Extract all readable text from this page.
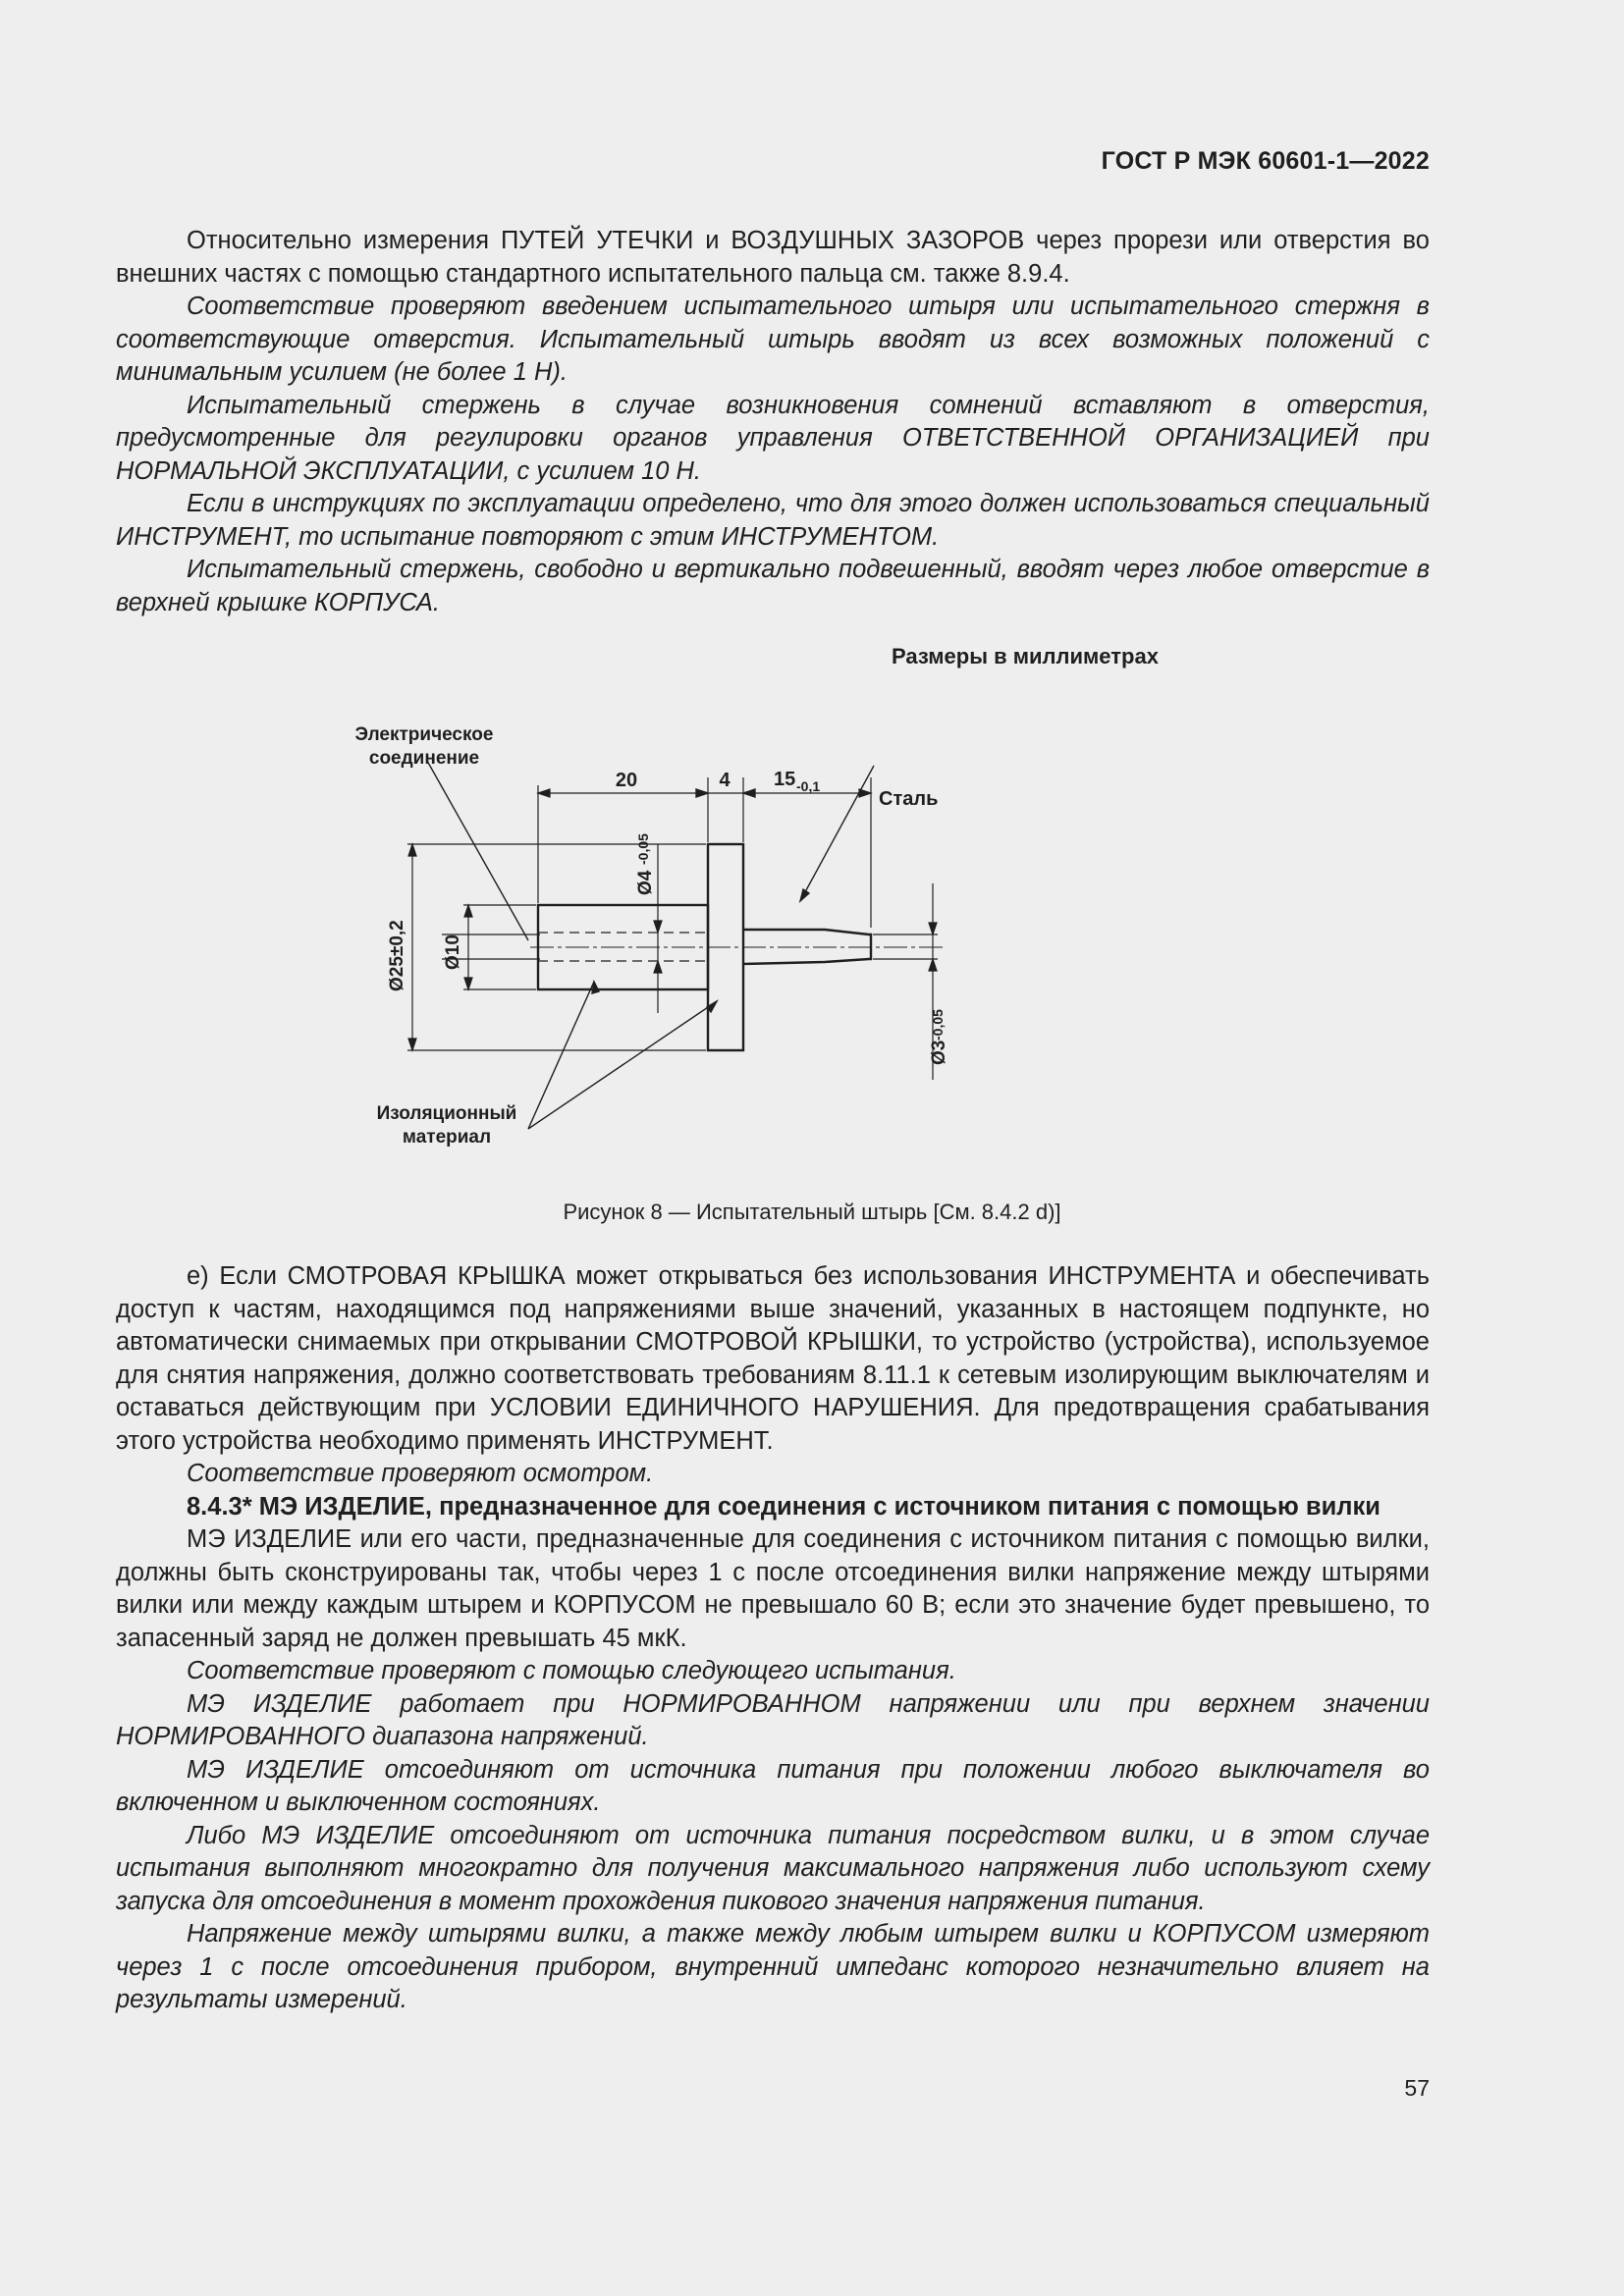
ГОСТ Р МЭК 60601-1—2022

Относительно измерения ПУТЕЙ УТЕЧКИ и ВОЗДУШНЫХ ЗАЗОРОВ через прорези или отверстия во внешних частях с помощью стандартного испытательного пальца см. также 8.9.4.

Соответствие проверяют введением испытательного штыря или испытательного стержня в соответствующие отверстия. Испытательный штырь вводят из всех возможных положений с минимальным усилием (не более 1 Н).

Испытательный стержень в случае возникновения сомнений вставляют в отверстия, предусмотренные для регулировки органов управления ОТВЕТСТВЕННОЙ ОРГАНИЗАЦИЕЙ при НОРМАЛЬНОЙ ЭКСПЛУАТАЦИИ, с усилием 10 Н.

Если в инструкциях по эксплуатации определено, что для этого должен использоваться специальный ИНСТРУМЕНТ, то испытание повторяют с этим ИНСТРУМЕНТОМ.

Испытательный стержень, свободно и вертикально подвешенный, вводят через любое отверстие в верхней крышке КОРПУСА.

Размеры в миллиметрах
Электрическое
соединение
20	4 15 -0,1
Сталь
Изоляционный
материал
Ø25±0,2 Ø10
Ø4
-0,05
Ø3
-0,05
Рисунок 8 — Испытательный штырь [См. 8.4.2 d)]

е) Если СМОТРОВАЯ КРЫШКА может открываться без использования ИНСТРУМЕНТА и обеспечивать доступ к частям, находящимся под напряжениями выше значений, указанных в настоящем подпункте, но автоматически снимаемых при открывании СМОТРОВОЙ КРЫШКИ, то устройство (устройства), используемое для снятия напряжения, должно соответствовать требованиям 8.11.1 к сетевым изолирующим выключателям и оставаться действующим при УСЛОВИИ ЕДИНИЧНОГО НАРУШЕНИЯ. Для предотвращения срабатывания этого устройства необходимо применять ИНСТРУМЕНТ.

Соответствие проверяют осмотром.

8.4.3* МЭ ИЗДЕЛИЕ, предназначенное для соединения с источником питания с помощью вилки

МЭ ИЗДЕЛИЕ или его части, предназначенные для соединения с источником питания с помощью вилки, должны быть сконструированы так, чтобы через 1 с после отсоединения вилки напряжение между штырями вилки или между каждым штырем и КОРПУСОМ не превышало 60 В; если это значение будет превышено, то запасенный заряд не должен превышать 45 мкК.

Соответствие проверяют с помощью следующего испытания.

МЭ ИЗДЕЛИЕ работает при НОРМИРОВАННОМ напряжении или при верхнем значении НОРМИРОВАННОГО диапазона напряжений.

МЭ ИЗДЕЛИЕ отсоединяют от источника питания при положении любого выключателя во включенном и выключенном состояниях.

Либо МЭ ИЗДЕЛИЕ отсоединяют от источника питания посредством вилки, и в этом случае испытания выполняют многократно для получения максимального напряжения либо используют схему запуска для отсоединения в момент прохождения пикового значения напряжения питания.

Напряжение между штырями вилки, а также между любым штырем вилки и КОРПУСОМ измеряют через 1 с после отсоединения прибором, внутренний импеданс которого незначительно влияет на результаты измерений.

57
